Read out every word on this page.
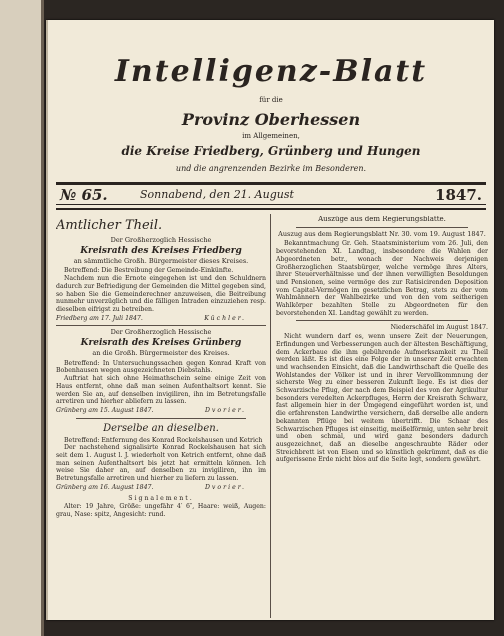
Intelligenz-Blatt
für die
Provinz Oberhessen
im Allgemeinen,
die Kreise Friedberg, Grünberg und Hungen
und die angrenzenden Bezirke im Besonderen.
№ 65.	Sonnabend, den 21. August	1847.
Amtlicher Theil.
Der Großherzoglich Hessische
Kreisrath des Kreises Friedberg
an sämmtliche Großh. Bürgermeister dieses Kreises.

Betreffend: Die Bestreibung der Gemeinde-Einkünfte.

Nachdem nun die Ernote eingegehen ist und den Schuldnern dadurch zur Befriedigung der Gemeinden die Mittel gegeben sind, so haben Sie die Gemeinderechner anzuweisen, die Beitreibung nunmehr unverzüglich und die fälligen Intraden einzuziehen resp. dieselben eifrigst zu betreiben.

Friedberg am 17. Juli 1847.	Küchler.
Der Großherzoglich Hessische
Kreisrath des Kreises Grünberg
an die Großh. Bürgermeister des Kreises.

Betreffend: In Untersuchungssachen gegen Konrad Kraft von Bobenhausen wegen ausgezeichneten Diebstahls.

Auftriat hat sich ohne Heimathschein seine einige Zeit von Haus entfernt, ohne daß man seinen Aufenthaltsort kennt. Sie werden Sie an, auf denselben invigiliren, ihn im Betretungsfalle arretiren und hierher abliefern zu lassen.

Grünberg am 15. August 1847.	Dvorier.
Derselbe an dieselben.

Betreffend: Entfernung des Konrad Rockelshausen und Ketrich

Der nachstehend signalisirte Konrad Rockelshausen hat sich seit dem 1. August l. J. wiederholt von Ketrich entfernt, ohne daß man seinen Aufenthaltsort bis jetzt hat ermitteln können. Ich weise Sie daher an, auf denselben zu invigiliren, ihn im Betretungsfalle arretiren und hierher zu liefern zu lassen.

Grünberg am 16. August 1847.	Dvorier.
Signalement.

Alter: 19 Jahre, Größe: ungefähr 4′ 6″, Haare: weiß, Augen: grau, Nase: spitz, Angesicht: rund.

Auszüge aus dem Regierungsblatte.
Auszug aus dem Regierungsblatt Nr. 30. vom 19. August 1847.

Bekanntmachung Gr. Geh. Staatsministerium vom 26. Juli, den bevorstehenden XI. Landtag, insbesondere die Wahlen der Abgeordneten betr., wonach der Nachweis derjenigen Großherzoglichen Staatsbürger, welche vermöge ihres Alters, ihrer Steuerverhältnisse und der ihnen verwilligten Besoldungen und Pensionen, seine vermöge des zur Ratisicirenden Deposition vom Capital-Vermögen im gesetzlichen Betrag, stets zu der vom Wahlmännern der Wahlbezirke und von den vom seitherigen Wahlkörper bezahlten Stelle zu Abgeordneten für den bevorstehenden XI. Landtag gewählt zu werden.

Niederschäfel im August 1847.

Nicht wundern darf es, wenn unsere Zeit der Neuerungen, Erfindungen und Verbesserungen auch der ältesten Beschäftigung, dem Ackerbaue die ihm gebührende Aufmerksamkeit zu Theil werden läßt. Es ist dies eine Folge der in unserer Zeit erwachten und wachsenden Einsicht, daß die Landwirthschaft die Quelle des Wohlstandes der Völker ist und in ihrer Vervollkommnung der sicherste Weg zu einer besseren Zukunft liege. Es ist dies der Schwarzische Pflug, der nach dem Beispiel des von der Agrikultur besonders veredelten Ackerpfluges, Herrn der Kreisrath Schwarz, fast allgemein hier in der Umgegend eingeführt worden ist, und die erfahrensten Landwirthe versichern, daß derselbe alle andern bekannten Pflüge bei weitem übertrifft. Die Schaar des Schwarzischen Pfluges ist einseitig, meißelförmig, unten sehr breit und oben schmal, und wird ganz besonders dadurch ausgezeichnet, daß an dieselbe angeschraubte Räder oder Streichbrett ist von Eisen und so künstlich gekrümmt, daß es die aufgerissene Erde nicht blos auf die Seite legt, sondern gewährt.
